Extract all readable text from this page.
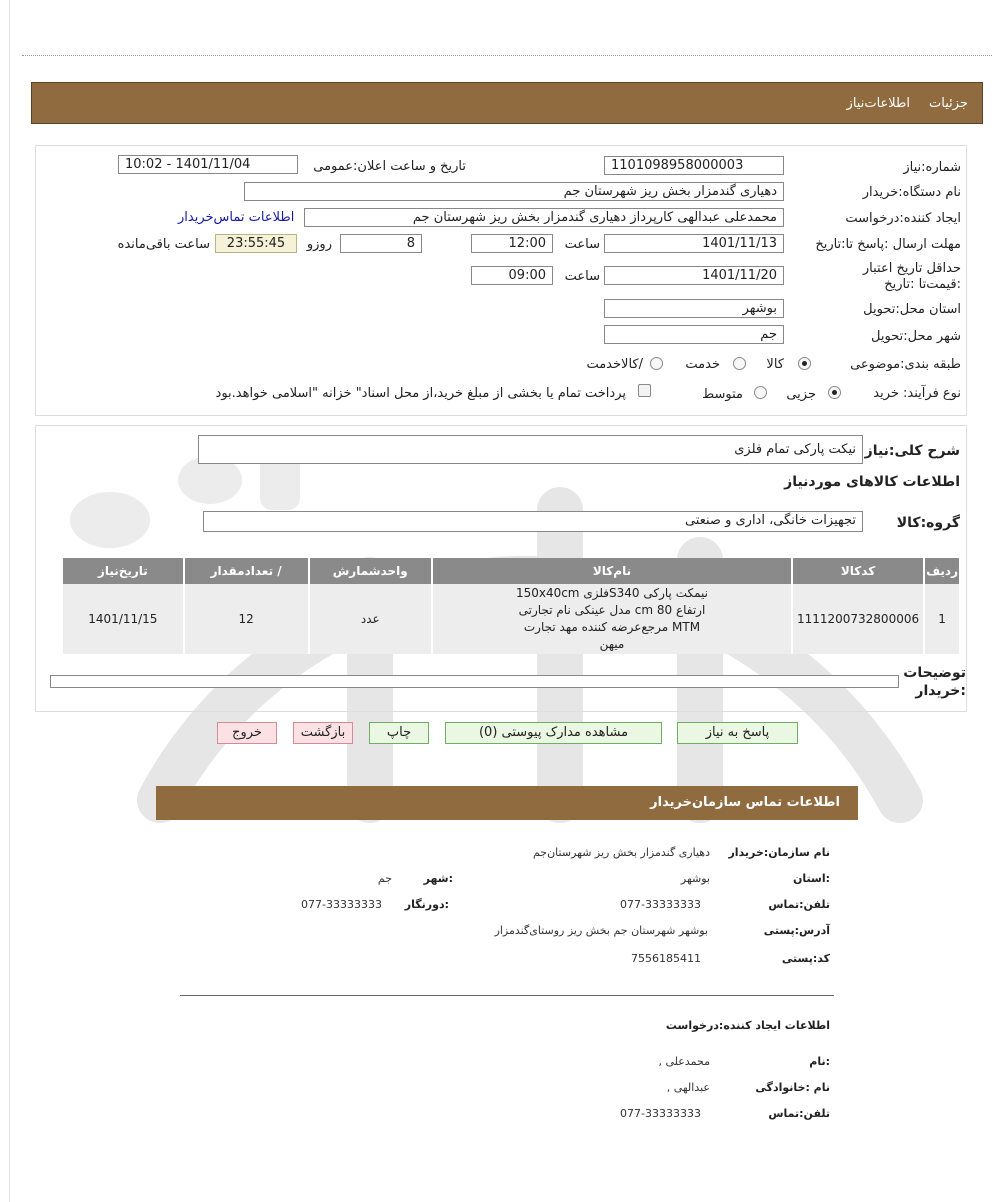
جزئیات
اطلاعات‌نیاز
شماره:نیاز
1101098958000003
تاریخ و ساعت اعلان:عمومی
1401/11/04 - 10:02
نام دستگاه:خریدار
دهیاری گندمزار بخش ریز شهرستان جم
ایجاد کننده:درخواست
محمدعلی عبدالهی کارپرداز دهیاری گندمزار بخش ریز شهرستان جم
اطلاعات تماس‌خریدار
مهلت ارسال :پاسخ تا:تاریخ
1401/11/13
ساعت
12:00
8
روزو
23:55:45
ساعت باقی‌مانده
حداقل تاریخ اعتبار :قیمت‌تا :تاریخ
1401/11/20
ساعت
09:00
استان محل:تحویل
بوشهر
شهر محل:تحویل
جم
طبقه بندی:موضوعی
کالا
خدمت
/کالاخدمت
نوع فرآیند: خرید
جزیی
متوسط
پرداخت تمام یا بخشی از مبلغ خرید،از محل اسناد" خزانه "اسلامی خواهد.بود
شرح کلی:نیاز
نیکت پارکی تمام فلزی
اطلاعات کالاهای موردنیاز
گروه:کالا
تجهیزات خانگی، اداری و صنعتی
ردیف	کدکالا	نام‌کالا	واحدشمارش	/ تعدادمقدار	تاریخ‌نیاز
1	1111200732800006	نیمکت پارکی S340فلزی 150x40cm ارتفاع 80 cm مدل عینکی نام تجارتی MTM مرجع‌عرضه کننده مهد تجارت میهن	عدد	12	1401/11/15
توضیحات :خریدار
پاسخ به نیاز
مشاهده مدارک پیوستی (0)
چاپ
بازگشت
خروج
اطلاعات تماس سازمان‌خریدار
نام سازمان:خریدار
دهیاری گندمزار بخش ریز شهرستان‌جم
:استان
بوشهر
:شهر
جم
تلفن:تماس
077-33333333
:دورنگار
077-33333333
آدرس:پستی
بوشهر شهرستان جم بخش ریز روستای‌گندمزار
کد:پستی
7556185411
اطلاعات ایجاد کننده:درخواست
:نام
محمدعلی ,
نام :خانوادگی
عبدالهی ,
تلفن:تماس
077-33333333
